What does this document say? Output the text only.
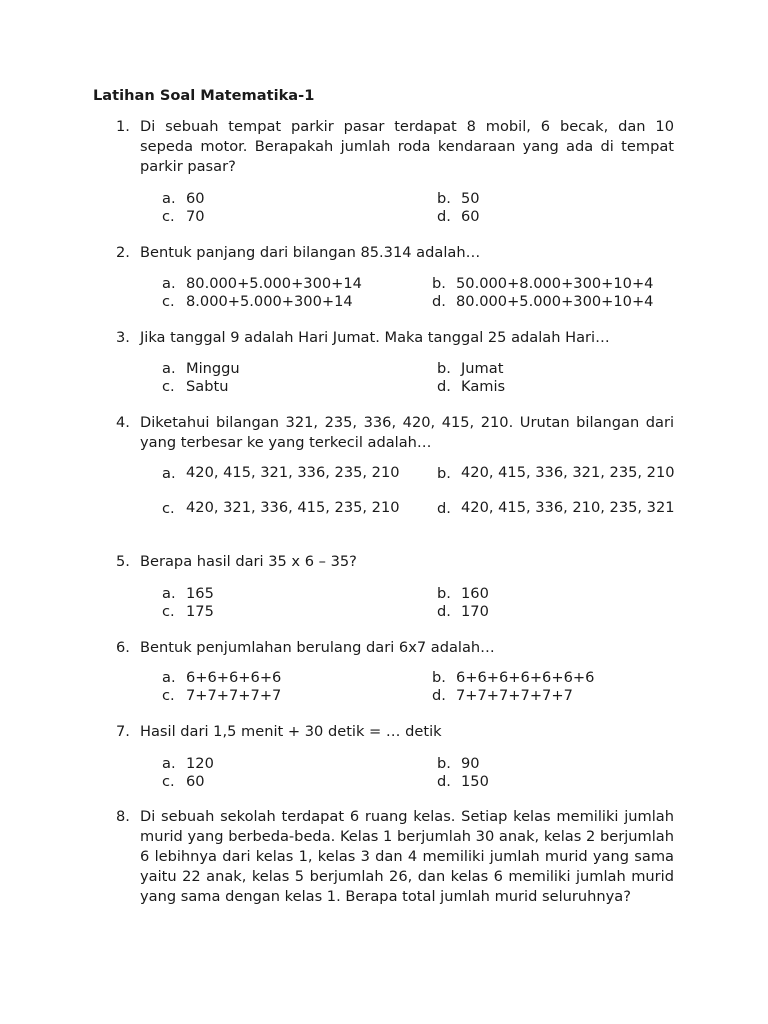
Latihan Soal Matematika-1
1. Di sebuah tempat parkir pasar terdapat 8 mobil, 6 becak, dan 10 sepeda motor. Berapakah jumlah roda kendaraan yang ada di tempat parkir pasar?
a. 60	b. 50
c. 70	d. 60
2. Bentuk panjang dari bilangan 85.314 adalah…
a. 80.000+5.000+300+14	b. 50.000+8.000+300+10+4
c. 8.000+5.000+300+14	d. 80.000+5.000+300+10+4
3. Jika tanggal 9 adalah Hari Jumat. Maka tanggal 25 adalah Hari…
a. Minggu	b. Jumat
c. Sabtu	d. Kamis
4. Diketahui bilangan 321, 235, 336, 420, 415, 210. Urutan bilangan dari yang terbesar ke yang terkecil adalah…
a. 420, 415, 321, 336, 235, 210	b. 420, 415, 336, 321, 235, 210
c. 420, 321, 336, 415, 235, 210	d. 420, 415, 336, 210, 235, 321
5. Berapa hasil dari 35 x 6 – 35?
a. 165	b. 160
c. 175	d. 170
6. Bentuk penjumlahan berulang dari 6x7 adalah…
a. 6+6+6+6+6	b. 6+6+6+6+6+6+6
c. 7+7+7+7+7	d. 7+7+7+7+7+7
7. Hasil dari 1,5 menit + 30 detik = … detik
a. 120	b. 90
c. 60	d. 150
8. Di sebuah sekolah terdapat 6 ruang kelas. Setiap kelas memiliki jumlah murid yang berbeda-beda. Kelas 1 berjumlah 30 anak, kelas 2 berjumlah 6 lebihnya dari kelas 1, kelas 3 dan 4 memiliki jumlah murid yang sama yaitu 22 anak, kelas 5 berjumlah 26, dan kelas 6 memiliki jumlah murid yang sama dengan kelas 1. Berapa total jumlah murid seluruhnya?
